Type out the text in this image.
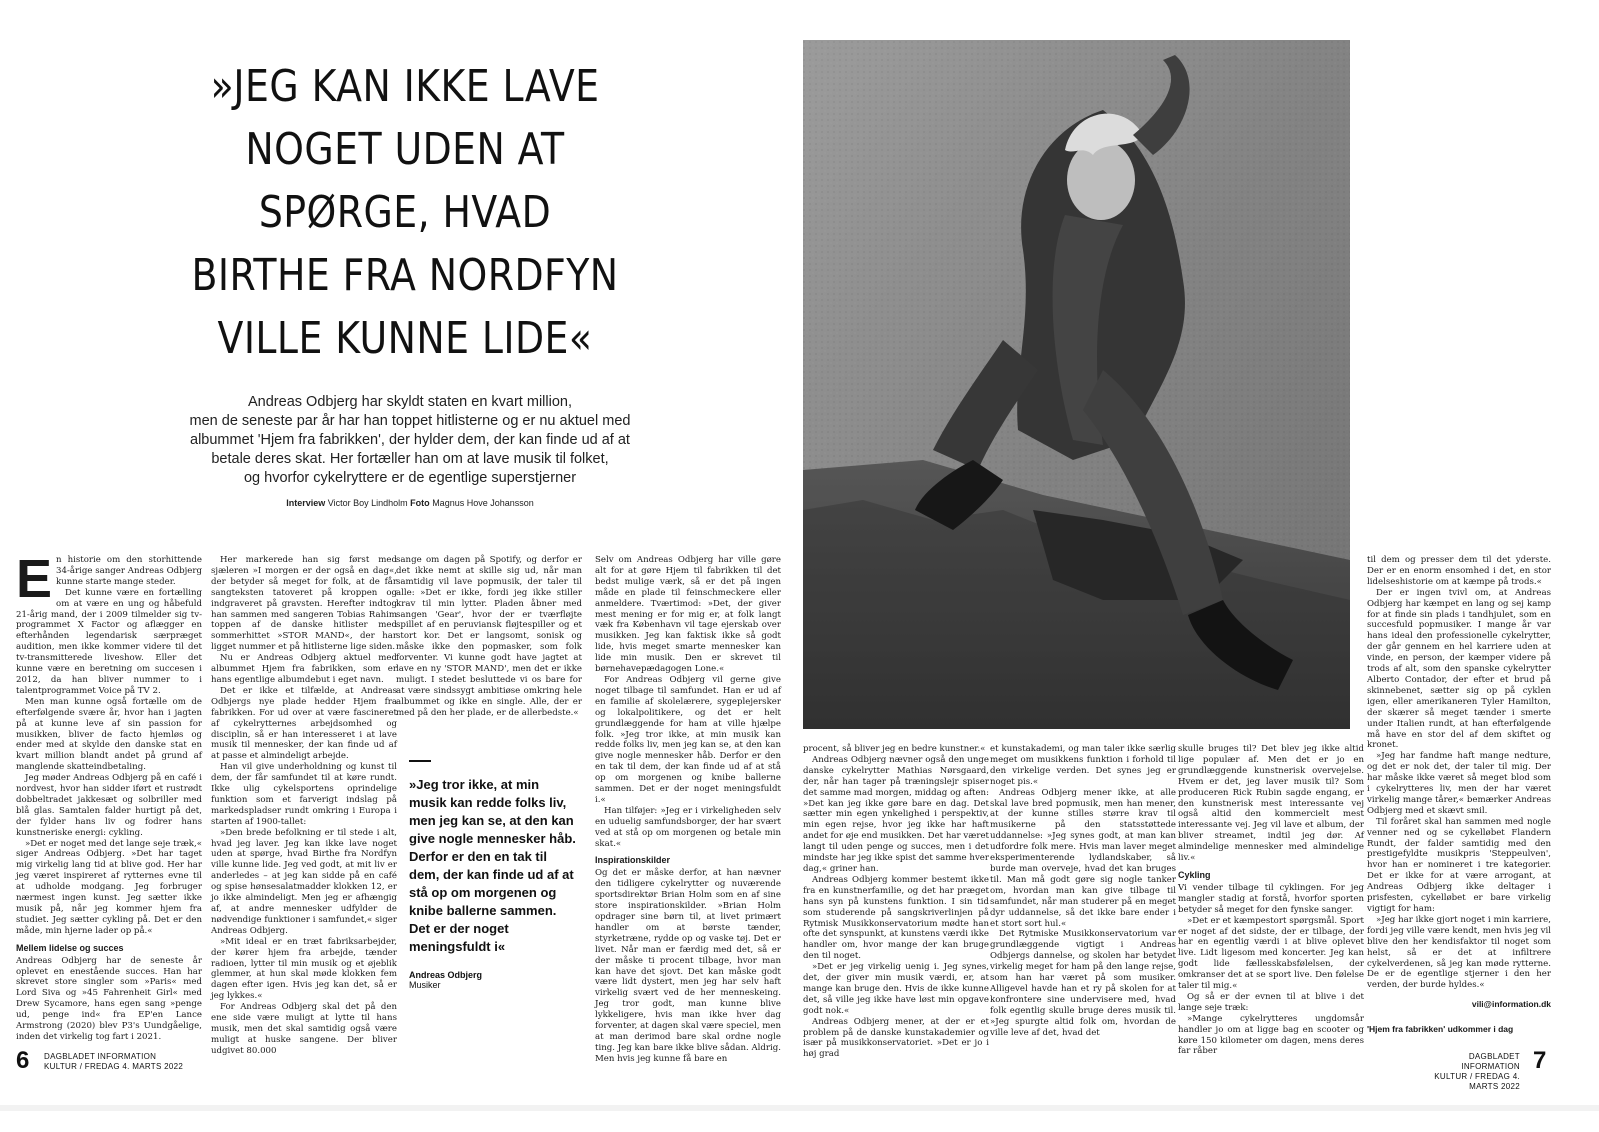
»JEG KAN IKKE LAVE
NOGET UDEN AT
SPØRGE, HVAD
BIRTHE FRA NORDFYN
VILLE KUNNE LIDE«

Andreas Odbjerg har skyldt staten en kvart million,
men de seneste par år har han toppet hitlisterne og er nu aktuel med
albummet 'Hjem fra fabrikken', der hylder dem, der kan finde ud af at
betale deres skat. Her fortæller han om at lave musik til folket,
og hvorfor cykelryttere er de egentlige superstjerner

Interview Victor Boy Lindholm Foto Magnus Hove Johansson

En historie om den storhittende 34-årige sanger Andreas Odbjerg kunne starte mange steder.

Det kunne være en fortælling om at være en ung og håbefuld 21-årig mand, der i 2009 tilmelder sig tv-programmet X Factor og aflægger en efterhånden legendarisk særpræget audition, men ikke kommer videre til det tv-transmitterede liveshow. Eller det kunne være en beretning om succesen i 2012, da han bliver nummer to i talentprogrammet Voice på TV 2.

Men man kunne også fortælle om de efterfølgende svære år, hvor han i jagten på at kunne leve af sin passion for musikken, bliver de facto hjemløs og ender med at skylde den danske stat en kvart million blandt andet på grund af manglende skatteindbetaling.

Jeg møder Andreas Odbjerg på en café i nordvest, hvor han sidder iført et rustrødt dobbeltradet jakkesæt og solbriller med blå glas. Samtalen falder hurtigt på det, der fylder hans liv og fodrer hans kunstneriske energi: cykling.

»Det er noget med det lange seje træk,« siger Andreas Odbjerg. »Det har taget mig virkelig lang tid at blive god. Her har jeg været inspireret af rytternes evne til at udholde modgang. Jeg forbruger nærmest ingen kunst. Jeg sætter ikke musik på, når jeg kommer hjem fra studiet. Jeg sætter cykling på. Det er den måde, min hjerne lader op på.«

Mellem lidelse og succes

Andreas Odbjerg har de seneste år oplevet en enestående succes. Han har skrevet store singler som »Paris« med Lord Siva og »45 Fahrenheit Girl« med Drew Sycamore, hans egen sang »penge ud, penge ind« fra EP'en Lance Armstrong (2020) blev P3's Uundgåelige, inden det virkelig tog fart i 2021.

Her markerede han sig først med sjæleren »I morgen er der også en dag«, der betyder så meget for folk, at de får sangteksten tatoveret på kroppen og indgraveret på gravsten. Herefter indtog han sammen med sangeren Tobias Rahim toppen af de danske hitlister med sommerhittet »STOR MAND«, der har ligget nummer et på hitlisterne lige siden.

Nu er Andreas Odbjerg aktuel med albummet Hjem fra fabrikken, som er hans egentlige albumdebut i eget navn.

Det er ikke et tilfælde, at Andreas Odbjergs nye plade hedder Hjem fra fabrikken. For ud over at være fascineret af cykelrytternes arbejdsomhed og disciplin, så er han interesseret i at lave musik til mennesker, der kan finde ud af at passe et almindeligt arbejde.

Han vil give underholdning og kunst til dem, der får samfundet til at køre rundt. Ikke ulig cykelsportens oprindelige funktion som et farverigt indslag på markedspladser rundt omkring i Europa i starten af 1900-tallet:

»Den brede befolkning er til stede i alt, hvad jeg laver. Jeg kan ikke lave noget uden at spørge, hvad Birthe fra Nordfyn ville kunne lide. Jeg ved godt, at mit liv er anderledes – at jeg kan sidde på en café og spise hønsesalatmadder klokken 12, er jo ikke almindeligt. Men jeg er afhængig af, at andre mennesker udfylder de nødvendige funktioner i samfundet,« siger Andreas Odbjerg.

»Mit ideal er en træt fabriksarbejder, der kører hjem fra arbejde, tænder radioen, lytter til min musik og et øjeblik glemmer, at hun skal møde klokken fem dagen efter igen. Hvis jeg kan det, så er jeg lykkes.«

For Andreas Odbjerg skal det på den ene side være muligt at lytte til hans musik, men det skal samtidig også være muligt at huske sangene. Der bliver udgivet 80.000

sange om dagen på Spotify, og derfor er det ikke nemt at skille sig ud, når man samtidig vil lave popmusik, der taler til alle: »Det er ikke, fordi jeg ikke stiller krav til min lytter. Pladen åbner med sangen 'Gear', hvor der er tværfløjte spillet af en peruviansk fløjtespiller og et stort kor. Det er langsomt, sonisk og måske ikke den popmasker, som folk forventer. Vi kunne godt have jagtet at lave en ny 'STOR MAND', men det er ikke muligt. I stedet besluttede vi os bare for at være sindssygt ambitiøse omkring hele albummet og ikke en single. Alle, der er med på den her plade, er de allerbedste.«

»Jeg tror ikke, at min musik kan redde folks liv, men jeg kan se, at den kan give nogle mennesker håb. Derfor er den en tak til dem, der kan finde ud af at stå op om morgenen og knibe ballerne sammen. Det er der noget meningsfuldt i«

Andreas Odbjerg
Musiker

Selv om Andreas Odbjerg har ville gøre alt for at gøre Hjem til fabrikken til det bedst mulige værk, så er det på ingen måde en plade til feinschmeckere eller anmeldere. Tværtimod: »Det, der giver mest mening er for mig er, at folk langt væk fra København vil tage ejerskab over musikken. Jeg kan faktisk ikke så godt lide, hvis meget smarte mennesker kan lide min musik. Den er skrevet til børnehavepædagogen Lone.«

For Andreas Odbjerg vil gerne give noget tilbage til samfundet. Han er ud af en familie af skolelærere, sygeplejersker og lokalpolitikere, og det er helt grundlæggende for ham at ville hjælpe folk. »Jeg tror ikke, at min musik kan redde folks liv, men jeg kan se, at den kan give nogle mennesker håb. Derfor er den en tak til dem, der kan finde ud af at stå op om morgenen og knibe ballerne sammen. Det er der noget meningsfuldt i.«

Han tilføjer: »Jeg er i virkeligheden selv en uduelig samfundsborger, der har svært ved at stå op om morgenen og betale min skat.«

Inspirationskilder

Og det er måske derfor, at han nævner den tidligere cykelrytter og nuværende sportsdirektør Brian Holm som en af sine store inspirationskilder. »Brian Holm opdrager sine børn til, at livet primært handler om at børste tænder, styrketræne, rydde op og vaske tøj. Det er livet. Når man er færdig med det, så er der måske ti procent tilbage, hvor man kan have det sjovt. Det kan måske godt være lidt dystert, men jeg har selv haft virkelig svært ved de her menneskeing. Jeg tror godt, man kunne blive lykkeligere, hvis man ikke hver dag forventer, at dagen skal være speciel, men at man derimod bare skal ordne nogle ting. Jeg kan bare ikke blive sådan. Aldrig. Men hvis jeg kunne få bare en

6 DAGBLADET INFORMATION
KULTUR / FREDAG 4. MARTS 2022

procent, så bliver jeg en bedre kunstner.«

Andreas Odbjerg nævner også den unge danske cykelrytter Mathias Nørsgaard, der, når han tager på træningslejr spiser det samme mad morgen, middag og aften: »Det kan jeg ikke gøre bare en dag. Det sætter min egen ynkelighed i perspektiv, min egen rejse, hvor jeg ikke har haft andet for øje end musikken. Det har været langt til uden penge og succes, men i det mindste har jeg ikke spist det samme hver dag,« griner han.

Andreas Odbjerg kommer bestemt ikke fra en kunstnerfamilie, og det har præget hans syn på kunstens funktion. I sin tid som studerende på sangskriverlinjen på Rytmisk Musikkonservatorium mødte han ofte det synspunkt, at kunstens værdi ikke handler om, hvor mange der kan bruge den til noget.

»Det er jeg virkelig uenig i. Jeg synes, det, der giver min musik værdi, er, at mange kan bruge den. Hvis de ikke kunne det, så ville jeg ikke have løst min opgave godt nok.«

Andreas Odbjerg mener, at der er et problem på de danske kunstakademier og især på musikkonservatoriet. »Det er jo i høj grad

et kunstakademi, og man taler ikke særlig meget om musikkens funktion i forhold til den virkelige verden. Det synes jeg er noget pis.«

Andreas Odbjerg mener ikke, at alle skal lave bred popmusik, men han mener, at der kunne stilles større krav til musikerne på den statsstøttede uddannelse: »Jeg synes godt, at man kan udfordre folk mere. Hvis man laver meget eksperimenterende lydlandskaber, så burde man overveje, hvad det kan bruges til. Man må godt gøre sig nogle tanker om, hvordan man kan give tilbage til samfundet, når man studerer på en meget dyr uddannelse, så det ikke bare ender i et stort sort hul.«

Det Rytmiske Musikkonservatorium var grundlæggende vigtigt i Andreas Odbjergs dannelse, og skolen har betydet virkelig meget for ham på den lange rejse, som han har været på som musiker. Alligevel havde han et ry på skolen for at konfrontere sine undervisere med, hvad folk egentlig skulle bruge deres musik til. »Jeg spurgte altid folk om, hvordan de ville leve af det, hvad det

skulle bruges til? Det blev jeg ikke altid lige populær af. Men det er jo en grundlæggende kunstnerisk overvejelse. Hvem er det, jeg laver musik til? Som produceren Rick Rubin sagde engang, er den kunstnerisk mest interessante vej også altid den kommercielt mest interessante vej. Jeg vil lave et album, der bliver streamet, indtil jeg dør. Af almindelige mennesker med almindelige liv.«

Cykling

Vi vender tilbage til cyklingen. For jeg mangler stadig at forstå, hvorfor sporten betyder så meget for den fynske sanger.

»Det er et kæmpestort spørgsmål. Sport er noget af det sidste, der er tilbage, der har en egentlig værdi i at blive oplevet live. Lidt ligesom med koncerter. Jeg kan godt lide fællesskabsfølelsen, der omkranser det at se sport live. Den følelse taler til mig.«

Og så er der evnen til at blive i det lange seje træk:

»Mange cykelrytteres ungdomsår handler jo om at ligge bag en scooter og køre 150 kilometer om dagen, mens deres far råber

til dem og presser dem til det yderste. Der er en enorm ensomhed i det, en stor lidelseshistorie om at kæmpe på trods.«

Der er ingen tvivl om, at Andreas Odbjerg har kæmpet en lang og sej kamp for at finde sin plads i tandhjulet, som en succesfuld popmusiker. I mange år var hans ideal den professionelle cykelrytter, der går gennem en hel karriere uden at vinde, en person, der kæmper videre på trods af alt, som den spanske cykelrytter Alberto Contador, der efter et brud på skinnebenet, sætter sig op på cyklen igen, eller amerikaneren Tyler Hamilton, der skærer så meget tænder i smerte under Italien rundt, at han efterfølgende må have en stor del af dem skiftet og kronet.

»Jeg har fandme haft mange nedture, og det er nok det, der taler til mig. Der har måske ikke været så meget blod som i cykelrytteres liv, men der har været virkelig mange tårer,« bemærker Andreas Odbjerg med et skævt smil.

Til foråret skal han sammen med nogle venner ned og se cykelløbet Flandern Rundt, der falder samtidig med den prestigefyldte musikpris 'Steppeulven', hvor han er nomineret i tre kategorier. Det er ikke for at være arrogant, at Andreas Odbjerg ikke deltager i prisfesten, cykelløbet er bare virkelig vigtigt for ham:

»Jeg har ikke gjort noget i min karriere, fordi jeg ville være kendt, men hvis jeg vil blive den her kendisfaktor til noget som helst, så er det at infiltrere cykelverdenen, så jeg kan møde rytterne. De er de egentlige stjerner i den her verden, der burde hyldes.«

vili@information.dk
'Hjem fra fabrikken' udkommer i dag
DAGBLADET INFORMATION
KULTUR / FREDAG 4. MARTS 2022
7
